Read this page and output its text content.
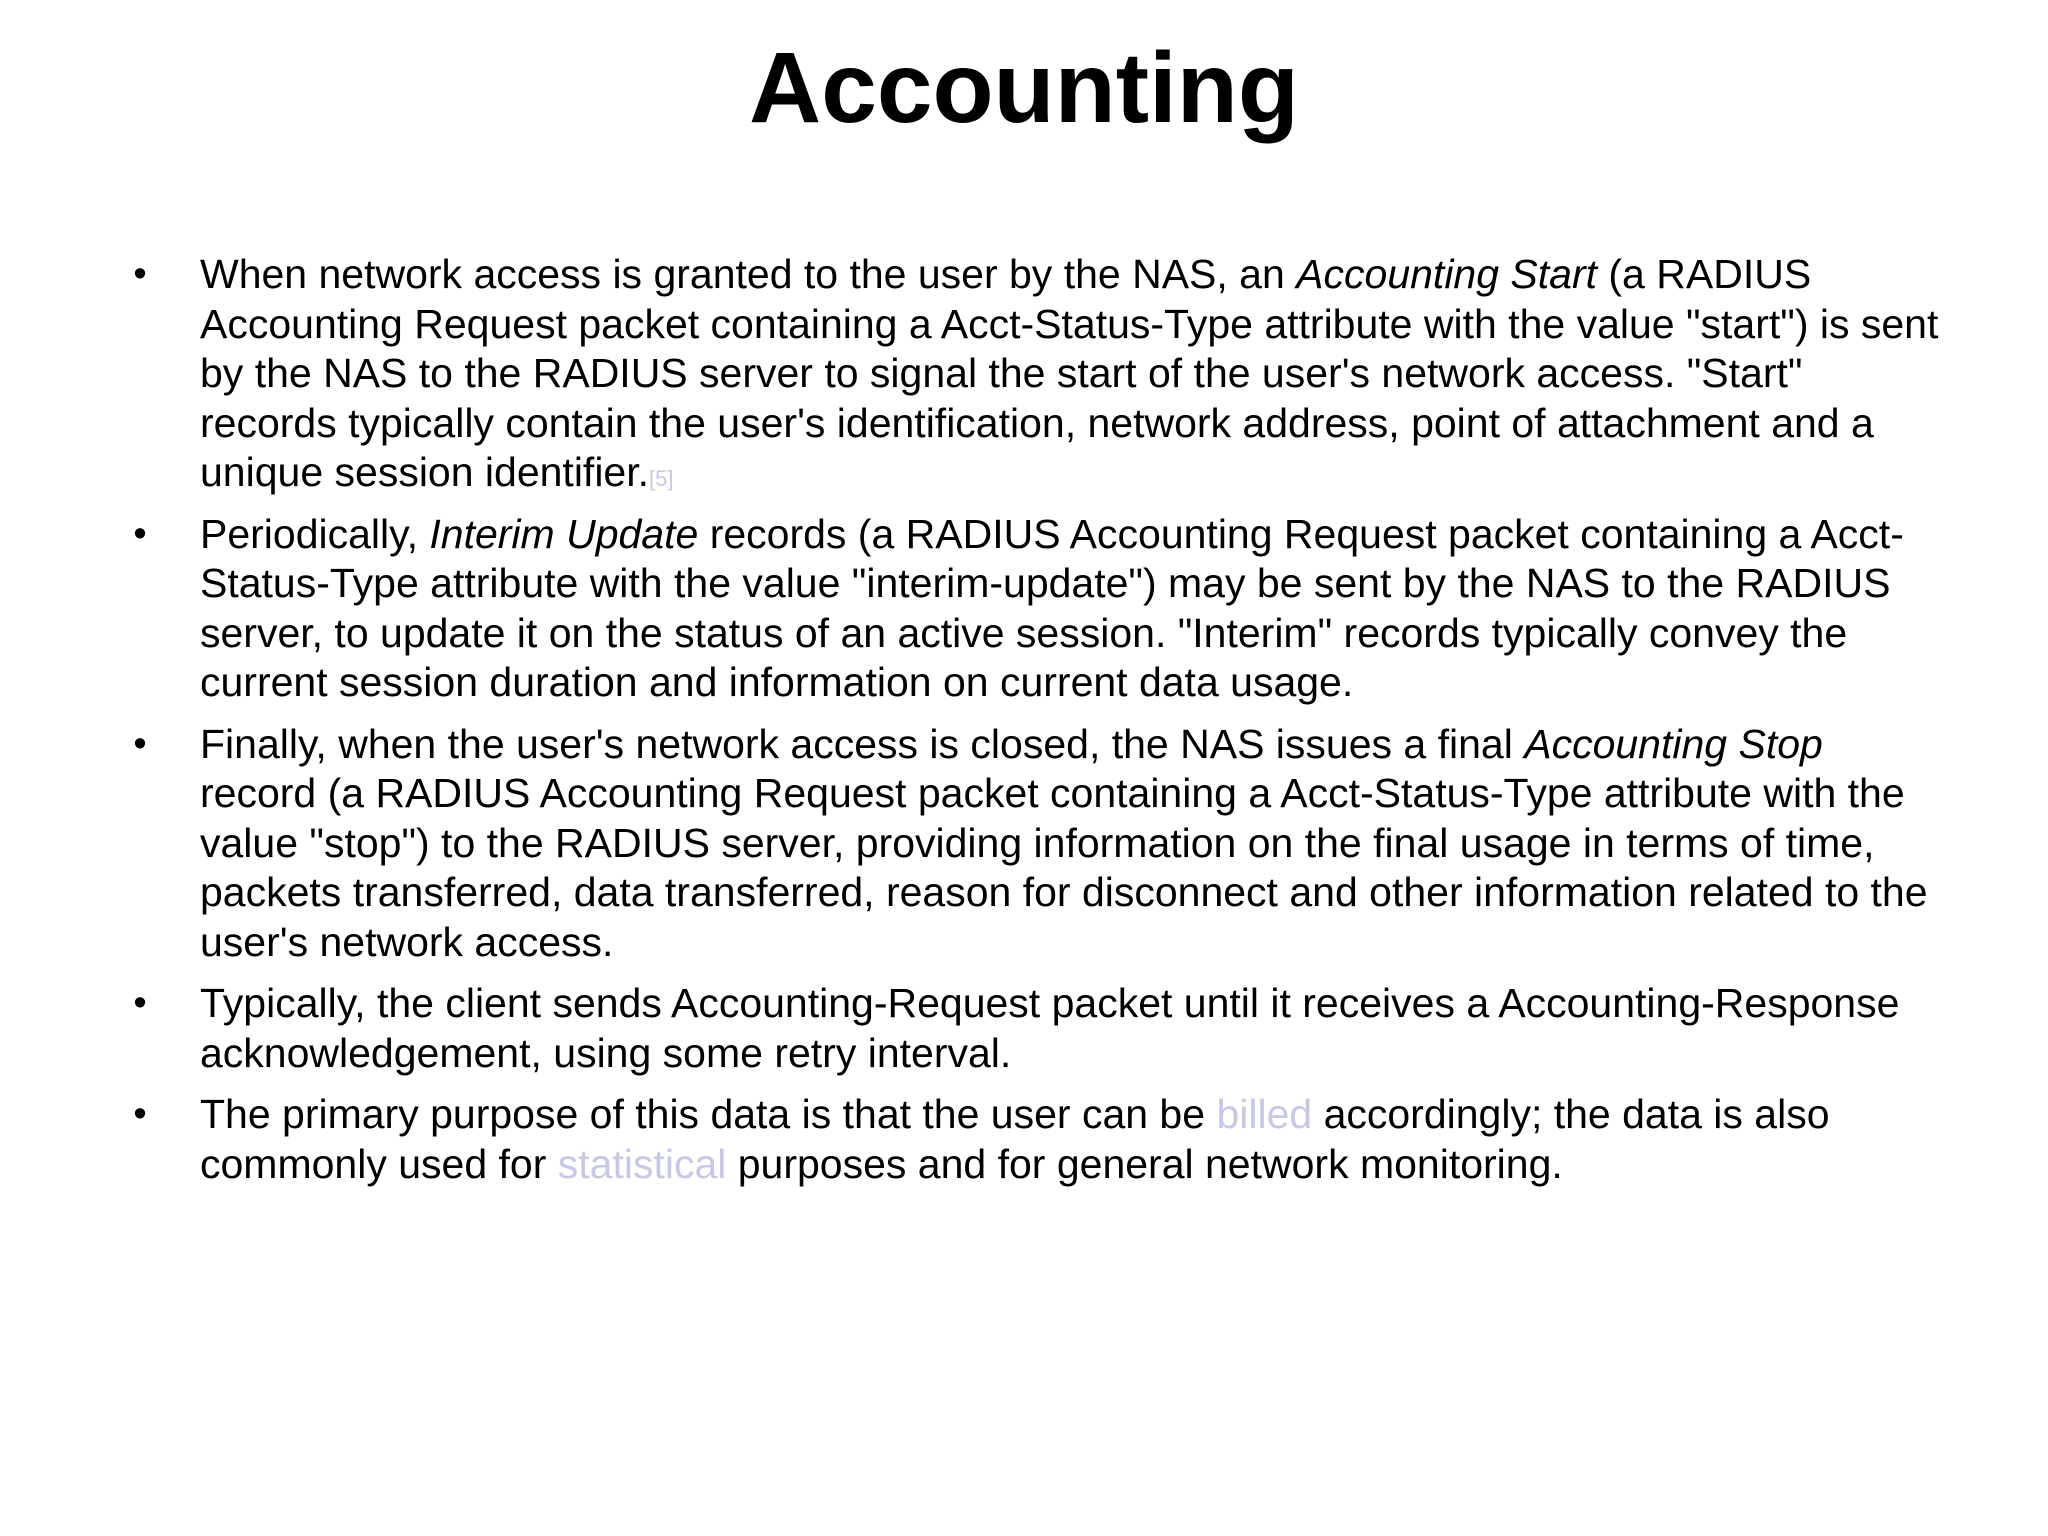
Accounting
•	When network access is granted to the user by the NAS, an Accounting Start (a RADIUS Accounting Request packet containing a Acct-Status-Type attribute with the value "start") is sent by the NAS to the RADIUS server to signal the start of the user's network access. "Start" records typically contain the user's identification, network address, point of attachment and a unique session identifier.[5]
•	Periodically, Interim Update records (a RADIUS Accounting Request packet containing a Acct-Status-Type attribute with the value "interim-update") may be sent by the NAS to the RADIUS server, to update it on the status of an active session. "Interim" records typically convey the current session duration and information on current data usage.
•	Finally, when the user's network access is closed, the NAS issues a final Accounting Stop record (a RADIUS Accounting Request packet containing a Acct-Status-Type attribute with the value "stop") to the RADIUS server, providing information on the final usage in terms of time, packets transferred, data transferred, reason for disconnect and other information related to the user's network access.
•	Typically, the client sends Accounting-Request packet until it receives a Accounting-Response acknowledgement, using some retry interval.
•	The primary purpose of this data is that the user can be billed accordingly; the data is also commonly used for statistical purposes and for general network monitoring.
